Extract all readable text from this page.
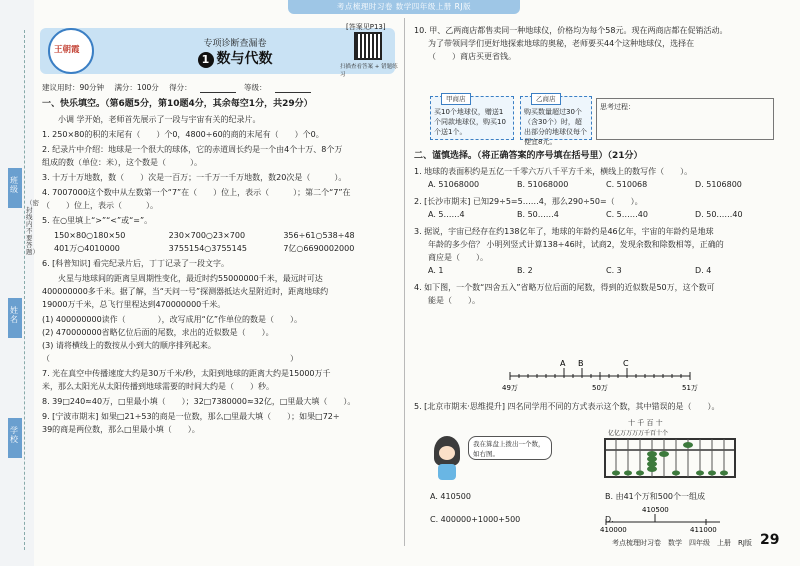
考点梳理时习卷 数学四年级上册 RJ版
班级
姓名
学校
（密封线内不要答题）
王朝霞
[答案见P13]
专项诊断查漏卷
1 数与代数	扫描查看答案 + 错题练习
建议用时：90分钟 满分：100分 得分：	等级：

一、快乐填空。（第6题5分，第10题4分，其余每空1分，共29分）

小调 学开始，老师首先展示了一段与宇宙有关的纪录片。

1. 250×80的积的末尾有（　　）个0，4800÷60的商的末尾有（　　）个0。

2. 纪录片中介绍：地球是一个很大的球体，它的赤道周长约是一个由4个十万、8个万

组成的数（单位：米），这个数是（　　　）。

3. 十万十万地数，数（　　）次是一百万；一千万一千万地数，数20次是（　　　）。

4. 7007000这个数中从左数第一个“7”在（　　）位上，表示（　　　）；第二个“7”在

（　　）位上，表示（　　　）。

5. 在○里填上“>”“<”或“=”。

150×80○180×50	230×700○23×700	356÷61○538÷48
401万○4010000	3755154○3755145	7亿○6690002000

6. [科普知识] 看完纪录片后，丁丁记录了一段文字。

火星与地球间的距离呈周期性变化，最近时约55000000千米，最远时可达

400000000多千米。据了解，当“天问一号”探测器抵达火星附近时，距离地球约

19000万千米，总飞行里程达到470000000千米。

(1) 400000000读作（　　　　），改写成用“亿”作单位的数是（　　）。

(2) 470000000省略亿位后面的尾数，求出的近似数是（　　）。

(3) 请将横线上的数按从小到大的顺序排列起来。

（　　　　　　　　　　　　　　　　　　　　　　　　　　　　　　）

7. 光在真空中传播速度大约是30万千米/秒，太阳到地球的距离大约是15000万千

米，那么太阳光从太阳传播到地球需要的时间大约是（　　）秒。

8. 39□240≈40万，□里最小填（　　）；32□7380000≈32亿，□里最大填（　　）。

9. [宁波市期末] 如果□21÷53的商是一位数，那么□里最大填（　　）；如果□72÷

39的商是两位数，那么□里最小填（　　）。

10. 甲、乙两商店都售卖同一种地球仪，价格均为每个58元。现在两商店都在促销活动。

为了带领同学们更好地探索地球的奥秘，老师要买44个这种地球仪，选择在

（　　）商店买更省钱。

甲商店
买10个地球仪，赠送1个同款地球仪，购买10个送1个。
乙商店
购买数量超过30个（含30个）时，超出部分的地球仪每个便宜8元。
思考过程：

二、谨慎选择。（将正确答案的序号填在括号里）（21分）

1. 地球的表面积约是五亿一千零六万八千平方千米，横线上的数写作（　　）。

A. 51068000	B. 51068000	C. 510068	D. 5106800

2. [长沙市期末] 已知29÷5=5……4，那么290÷50=（　　）。

A. 5……4	B. 50……4	C. 5……40	D. 50……40

3. 据说，宇宙已经存在约138亿年了，地球的年龄约是46亿年，宇宙的年龄约是地球

年龄的多少倍？ 小明列竖式计算138÷46时，试商2，发现余数和除数相等，正确的

商应是（　　）。

A. 1	B. 2	C. 3	D. 4

4. 如下图，一个数“四舍五入”省略万位后面的尾数，得到的近似数是50万，这个数可

能是（　　）。

A B	C
49万	50万	51万

5. [北京市期末·思维提升] 四名同学用不同的方式表示这个数，其中错误的是（　　）。

我在算盘上拨出一个数，如右图。
十 千 百 十
亿亿万万万万千百十个
A. 410500	B. 由41个万和500个一组成
C. 400000+1000+500	D.
410500
410000	411000
考点梳理时习卷　数学　四年级　上册　RJ版 29
